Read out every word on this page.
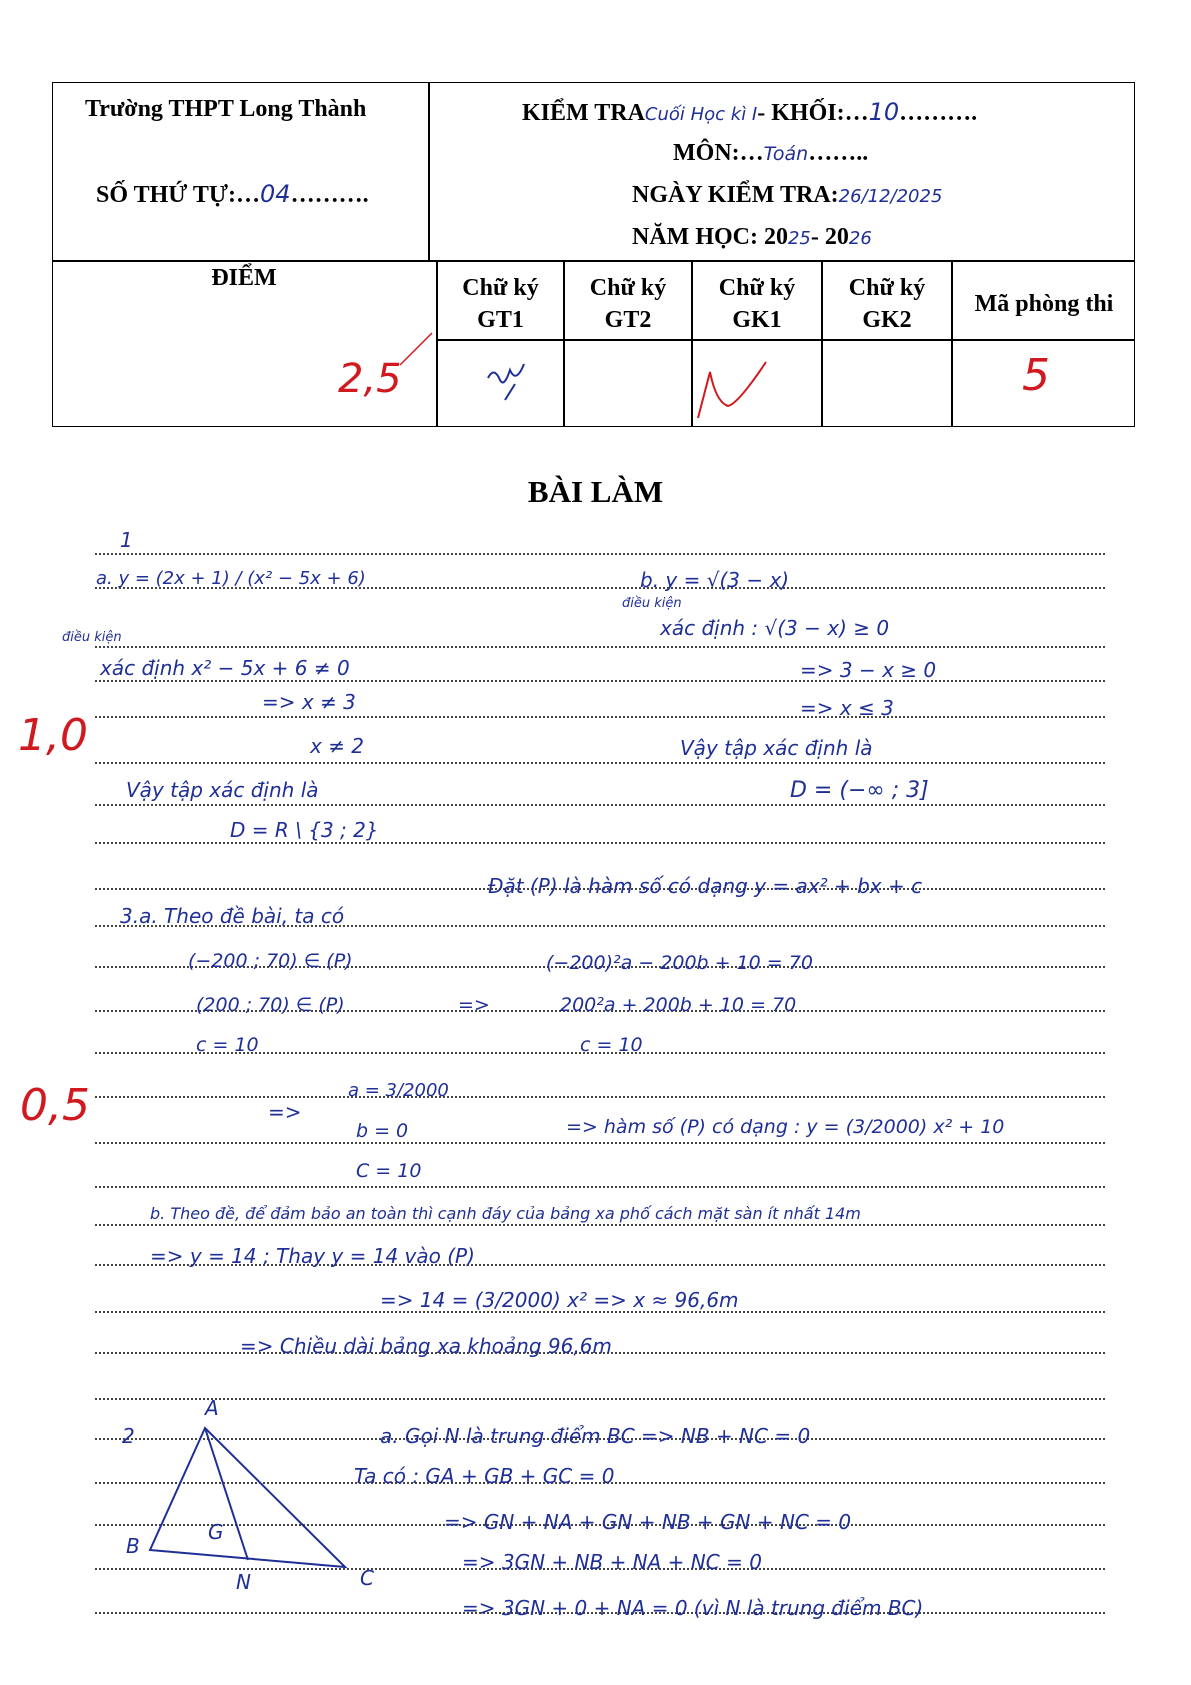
Trường THPT Long Thành
SỐ THỨ TỰ:…04……….
KIỂM TRACuối Học kì I- KHỐI:…10……….
MÔN:…Toán……..
NGÀY KIỂM TRA:26/12/2025
NĂM HỌC: 2025- 2026
ĐIỂM	Chữ ký GT1
Chữ ký GT2
Chữ ký GK1
Chữ ký GK2
Mã phòng thi
2,5	5
BÀI LÀM
1
a. y = (2x + 1) / (x² − 5x + 6)
điều kiện
xác định x² − 5x + 6 ≠ 0
=> x ≠ 3
x ≠ 2
Vậy tập xác định là
D = R \ {3 ; 2}
b. y = √(3 − x)
điều kiện
xác định : √(3 − x) ≥ 0
=> 3 − x ≥ 0
=> x ≤ 3
Vậy tập xác định là
D = (−∞ ; 3]
1,0
Đặt (P) là hàm số có dạng y = ax² + bx + c
3.a. Theo đề bài, ta có
(−200 ; 70) ∈ (P)
(200 ; 70) ∈ (P)
c = 10
=>
(−200)²a − 200b + 10 = 70
200²a + 200b + 10 = 70
c = 10
=>
a = 3/2000
b = 0
C = 10
=> hàm số (P) có dạng : y = (3/2000) x² + 10
0,5
b. Theo đề, để đảm bảo an toàn thì cạnh đáy của bảng xa phố cách mặt sàn ít nhất 14m
=> y = 14 ; Thay y = 14 vào (P)
=> 14 = (3/2000) x² => x ≈ 96,6m
=> Chiều dài bảng xa khoảng 96,6m
2
A
B
C
G
N
a. Gọi N là trung điểm BC => NB + NC = 0
Ta có : GA + GB + GC = 0
=> GN + NA + GN + NB + GN + NC = 0
=> 3GN + NB + NA + NC = 0
=> 3GN + 0 + NA = 0 (vì N là trung điểm BC)
